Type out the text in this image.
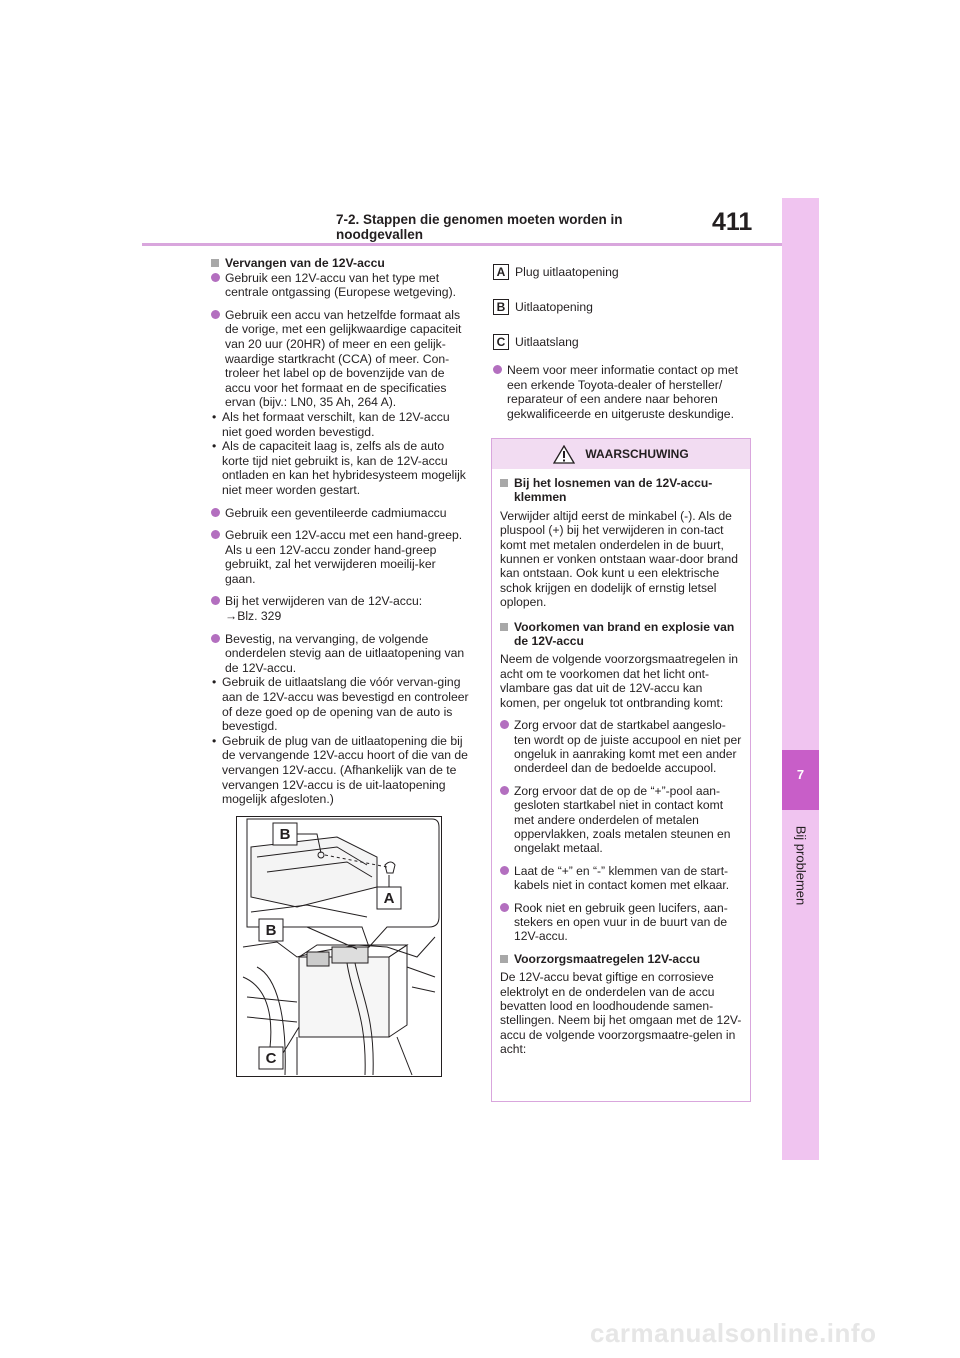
7-2. Stappen die genomen moeten worden in noodgevallen	411
7
Bij problemen

Vervangen van de 12V-accu

Gebruik een 12V-accu van het type met centrale ontgassing (Europese wetgeving).
Gebruik een accu van hetzelfde formaat als de vorige, met een gelijkwaardige capaciteit van 20 uur (20HR) of meer en een gelijk-waardige startkracht (CCA) of meer. Con-troleer het label op de bovenzijde van de accu voor het formaat en de specificaties ervan (bijv.: LN0, 35 Ah, 264 A).
• Als het formaat verschilt, kan de 12V-accu niet goed worden bevestigd.
• Als de capaciteit laag is, zelfs als de auto korte tijd niet gebruikt is, kan de 12V-accu ontladen en kan het hybridesysteem mogelijk niet meer worden gestart.
Gebruik een geventileerde cadmiumaccu
Gebruik een 12V-accu met een hand-greep. Als u een 12V-accu zonder hand-greep gebruikt, zal het verwijderen moeilij-ker gaan.
Bij het verwijderen van de 12V-accu:
→Blz. 329
Bevestig, na vervanging, de volgende onderdelen stevig aan de uitlaatopening van de 12V-accu.
• Gebruik de uitlaatslang die vóór vervan-ging aan de 12V-accu was bevestigd en controleer of deze goed op de opening van de auto is bevestigd.
• Gebruik de plug van de uitlaatopening die bij de vervangende 12V-accu hoort of die van de vervangen 12V-accu. (Afhankelijk van de te vervangen 12V-accu is de uit-laatopening mogelijk afgesloten.)
B
A
B
C
A Plug uitlaatopening
B Uitlaatopening
C Uitlaatslang
Neem voor meer informatie contact op met een erkende Toyota-dealer of hersteller/ reparateur of een andere naar behoren gekwalificeerde en uitgeruste deskundige.
WAARSCHUWING

Bij het losnemen van de 12V-accu-klemmen

Verwijder altijd eerst de minkabel (-). Als de pluspool (+) bij het verwijderen in con-tact komt met metalen onderdelen in de buurt, kunnen er vonken ontstaan waar-door brand kan ontstaan. Ook kunt u een elektrische schok krijgen en dodelijk of ernstig letsel oplopen.

Voorkomen van brand en explosie van de 12V-accu

Neem de volgende voorzorgsmaatregelen in acht om te voorkomen dat het licht ont-vlambare gas dat uit de 12V-accu kan komen, per ongeluk tot ontbranding komt:

Zorg ervoor dat de startkabel aangeslo-ten wordt op de juiste accupool en niet per ongeluk in aanraking komt met een ander onderdeel dan de bedoelde accupool.
Zorg ervoor dat de op de “+”-pool aan-gesloten startkabel niet in contact komt met andere onderdelen of metalen oppervlakken, zoals metalen steunen en ongelakt metaal.
Laat de “+” en “-” klemmen van de start-kabels niet in contact komen met elkaar.
Rook niet en gebruik geen lucifers, aan-stekers en open vuur in de buurt van de 12V-accu.

Voorzorgsmaatregelen 12V-accu

De 12V-accu bevat giftige en corrosieve elektrolyt en de onderdelen van de accu bevatten lood en loodhoudende samen-stellingen. Neem bij het omgaan met de 12V-accu de volgende voorzorgsmaatre-gelen in acht:

carmanualsonline.info
